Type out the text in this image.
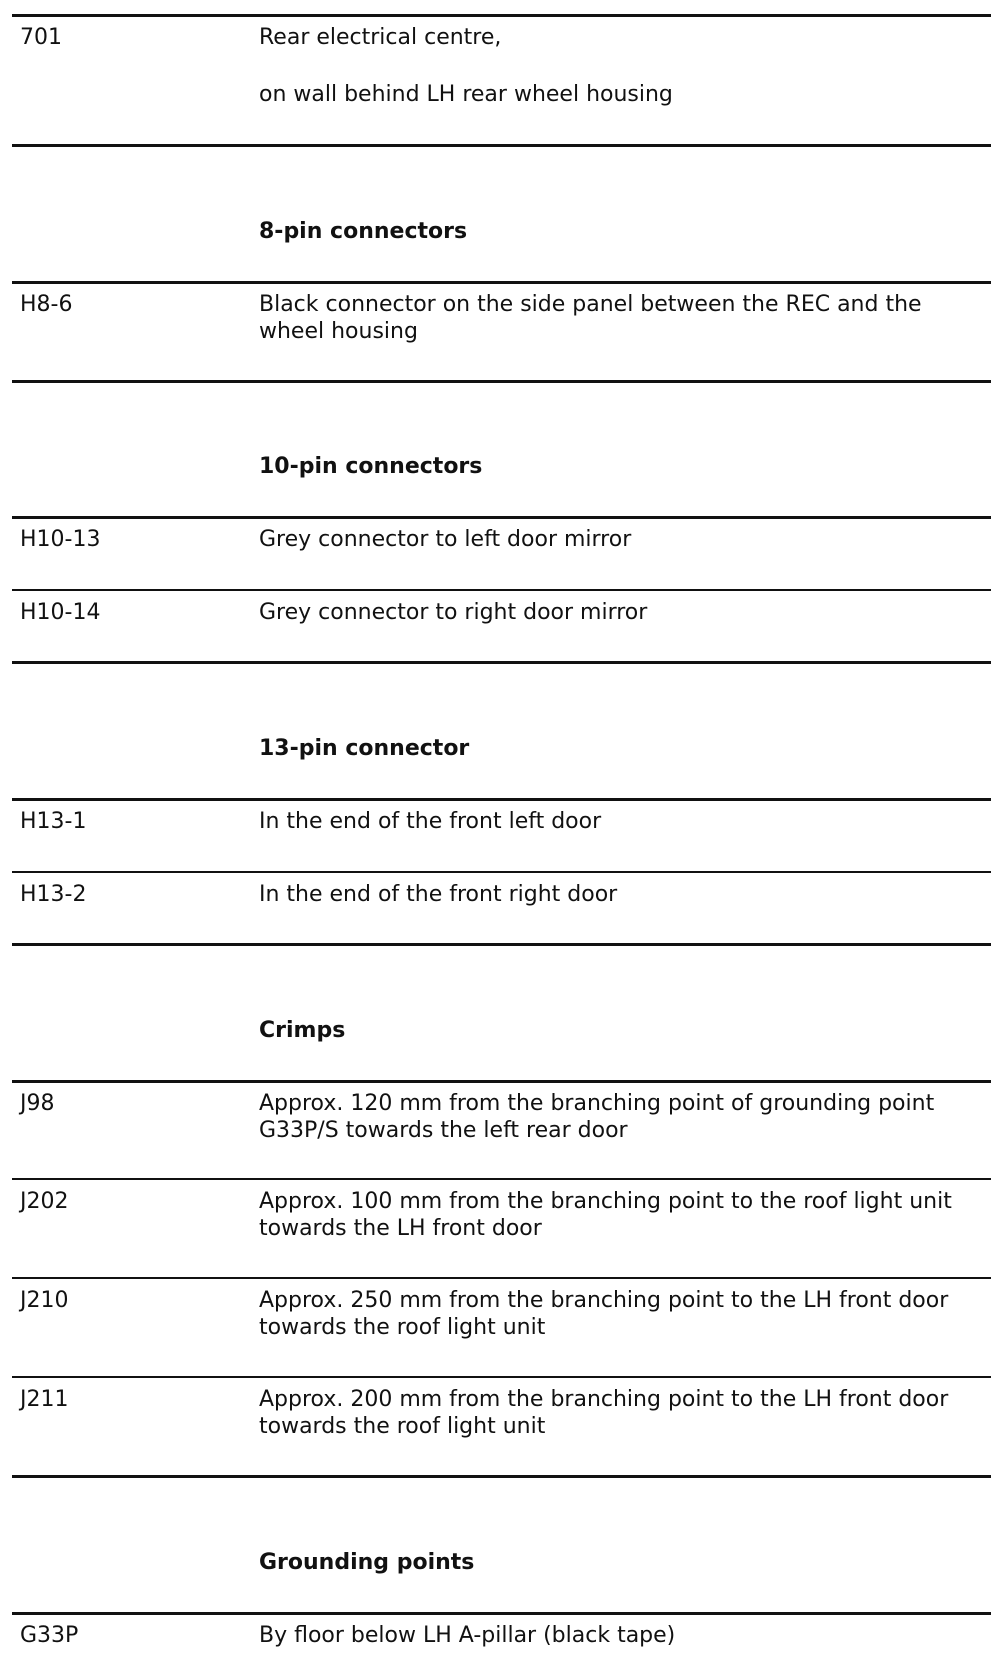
701	Rear electrical centre,
on wall behind LH rear wheel housing
8-pin connectors
H8-6	Black connector on the side panel between the REC and the wheel housing
10-pin connectors
H10-13	Grey connector to left door mirror
H10-14	Grey connector to right door mirror
13-pin connector
H13-1	In the end of the front left door
H13-2	In the end of the front right door
Crimps
J98	Approx. 120 mm from the branching point of grounding point G33P/S towards the left rear door
J202	Approx. 100 mm from the branching point to the roof light unit towards the LH front door
J210	Approx. 250 mm from the branching point to the LH front door towards the roof light unit
J211	Approx. 200 mm from the branching point to the LH front door towards the roof light unit
Grounding points
G33P	By floor below LH A-pillar (black tape)
